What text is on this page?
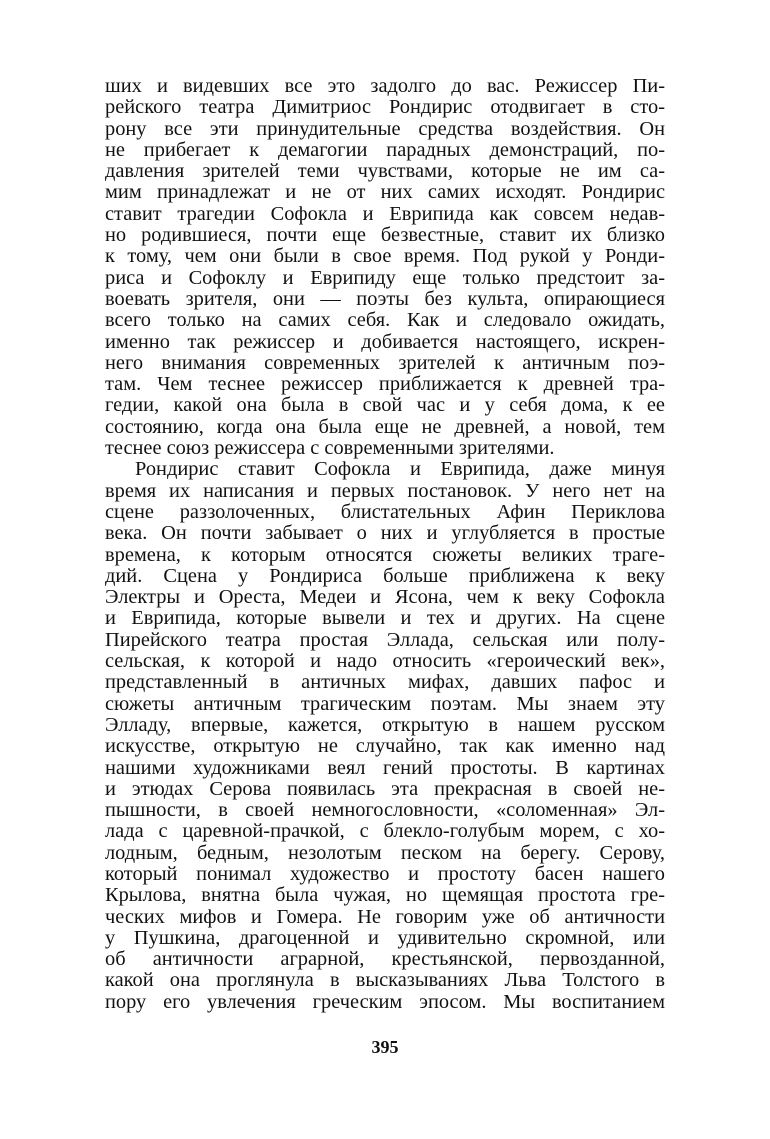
ших и видевших все это задолго до вас. Режиссер Пи-
рейского театра Димитриос Рондирис отодвигает в сто-
рону все эти принудительные средства воздействия. Он
не прибегает к демагогии парадных демонстраций, по-
давления зрителей теми чувствами, которые не им са-
мим принадлежат и не от них самих исходят. Рондирис
ставит трагедии Софокла и Еврипида как совсем недав-
но родившиеся, почти еще безвестные, ставит их близко
к тому, чем они были в свое время. Под рукой у Ронди-
риса и Софоклу и Еврипиду еще только предстоит за-
воевать зрителя, они — поэты без культа, опирающиеся
всего только на самих себя. Как и следовало ожидать,
именно так режиссер и добивается настоящего, искрен-
него внимания современных зрителей к античным поэ-
там. Чем теснее режиссер приближается к древней тра-
гедии, какой она была в свой час и у себя дома, к ее
состоянию, когда она была еще не древней, а новой, тем
теснее союз режиссера с современными зрителями.
Рондирис ставит Софокла и Еврипида, даже минуя
время их написания и первых постановок. У него нет на
сцене раззолоченных, блистательных Афин Перикловa
века. Он почти забывает о них и углубляется в простые
времена, к которым относятся сюжеты великих траге-
дий. Сцена у Рондириса больше приближена к веку
Электры и Ореста, Медеи и Ясона, чем к веку Софокла
и Еврипида, которые вывели и тех и других. На сцене
Пирейского театра простая Эллада, сельская или полу-
сельская, к которой и надо относить «героический век»,
представленный в античных мифах, давших пафос и
сюжеты античным трагическим поэтам. Мы знаем эту
Элладу, впервые, кажется, открытую в нашем русском
искусстве, открытую не случайно, так как именно над
нашими художниками веял гений простоты. В картинах
и этюдах Серова появилась эта прекрасная в своей не-
пышности, в своей немногословности, «соломенная» Эл-
лада с царевной-прачкой, с блекло-голубым морем, с хо-
лодным, бедным, незолотым песком на берегу. Серову,
который понимал художество и простоту басен нашего
Крылова, внятна была чужая, но щемящая простота гре-
ческих мифов и Гомера. Не говорим уже об античности
у Пушкина, драгоценной и удивительно скромной, или
об античности аграрной, крестьянской, первозданной,
какой она проглянула в высказываниях Льва Толстого в
пору его увлечения греческим эпосом. Мы воспитанием
395
